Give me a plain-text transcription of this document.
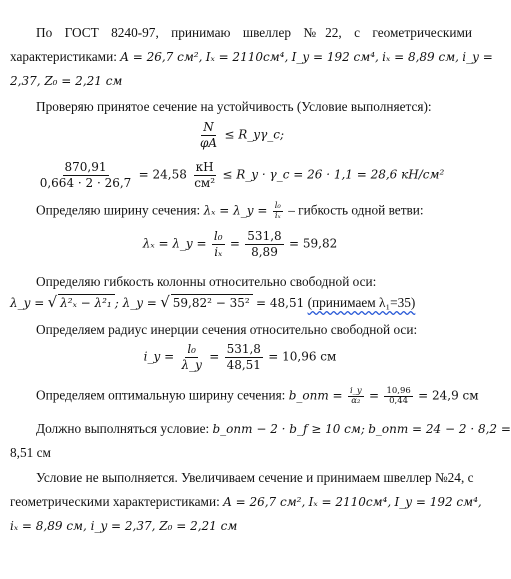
По ГОСТ 8240-97, принимаю швеллер №22, с геометрическими
характеристиками: A = 26,7 см², Iₓ = 2110см⁴, I_y = 192 см⁴, iₓ = 8,89 см, i_y =
2,37, Z₀ = 2,21 см
Проверяю принятое сечение на устойчивость (Условие выполняется):
$\frac{N}{\varphi A}$ ≤ R_yγ_c;
$\frac{870,91}{0,664 \cdot 2 \cdot 26,7} = 24,58 \frac{кН}{\text{см²}}$ ≤ R_y · γ_c = 26 · 1,1 = 28,6 кН/см²
Определяю ширину сечения: λₓ = λ_y = $\frac{\text{l₀}}{\text{iₓ}}$ – гибкость одной ветви:
λₓ = λ_y = $\frac{\text{l₀}}{\text{iₓ}} = \frac{531,8}{8,89} = 59,82$
Определяю гибкость колонны относительно свободной оси:
λ_y = √ λ²ₓ − λ²₁ ; λ_y = √ 59,82² − 35² = 48,51 (принимаем λ₁=35)
Определяем радиус инерции сечения относительно свободной оси:
i_y = $\frac{\text{l₀}}{\lambda\_y} = \frac{531,8}{48,51} = 10,96$ см
Определяем оптимальную ширину сечения: b_опт = $\frac{i\_y}{\text{α₂}} = \frac{10,96}{0,44} = 24,9$ см
Должно выполняться условие: b_опт − 2 · b_f ≥ 10 см; b_опт = 24 − 2 · 8,2 =
8,51 см
Условие не выполняется. Увеличиваем сечение и принимаем швеллер №24, с
геометрическими характеристиками: A = 26,7 см², Iₓ = 2110см⁴, I_y = 192 см⁴,
iₓ = 8,89 см, i_y = 2,37, Z₀ = 2,21 см
